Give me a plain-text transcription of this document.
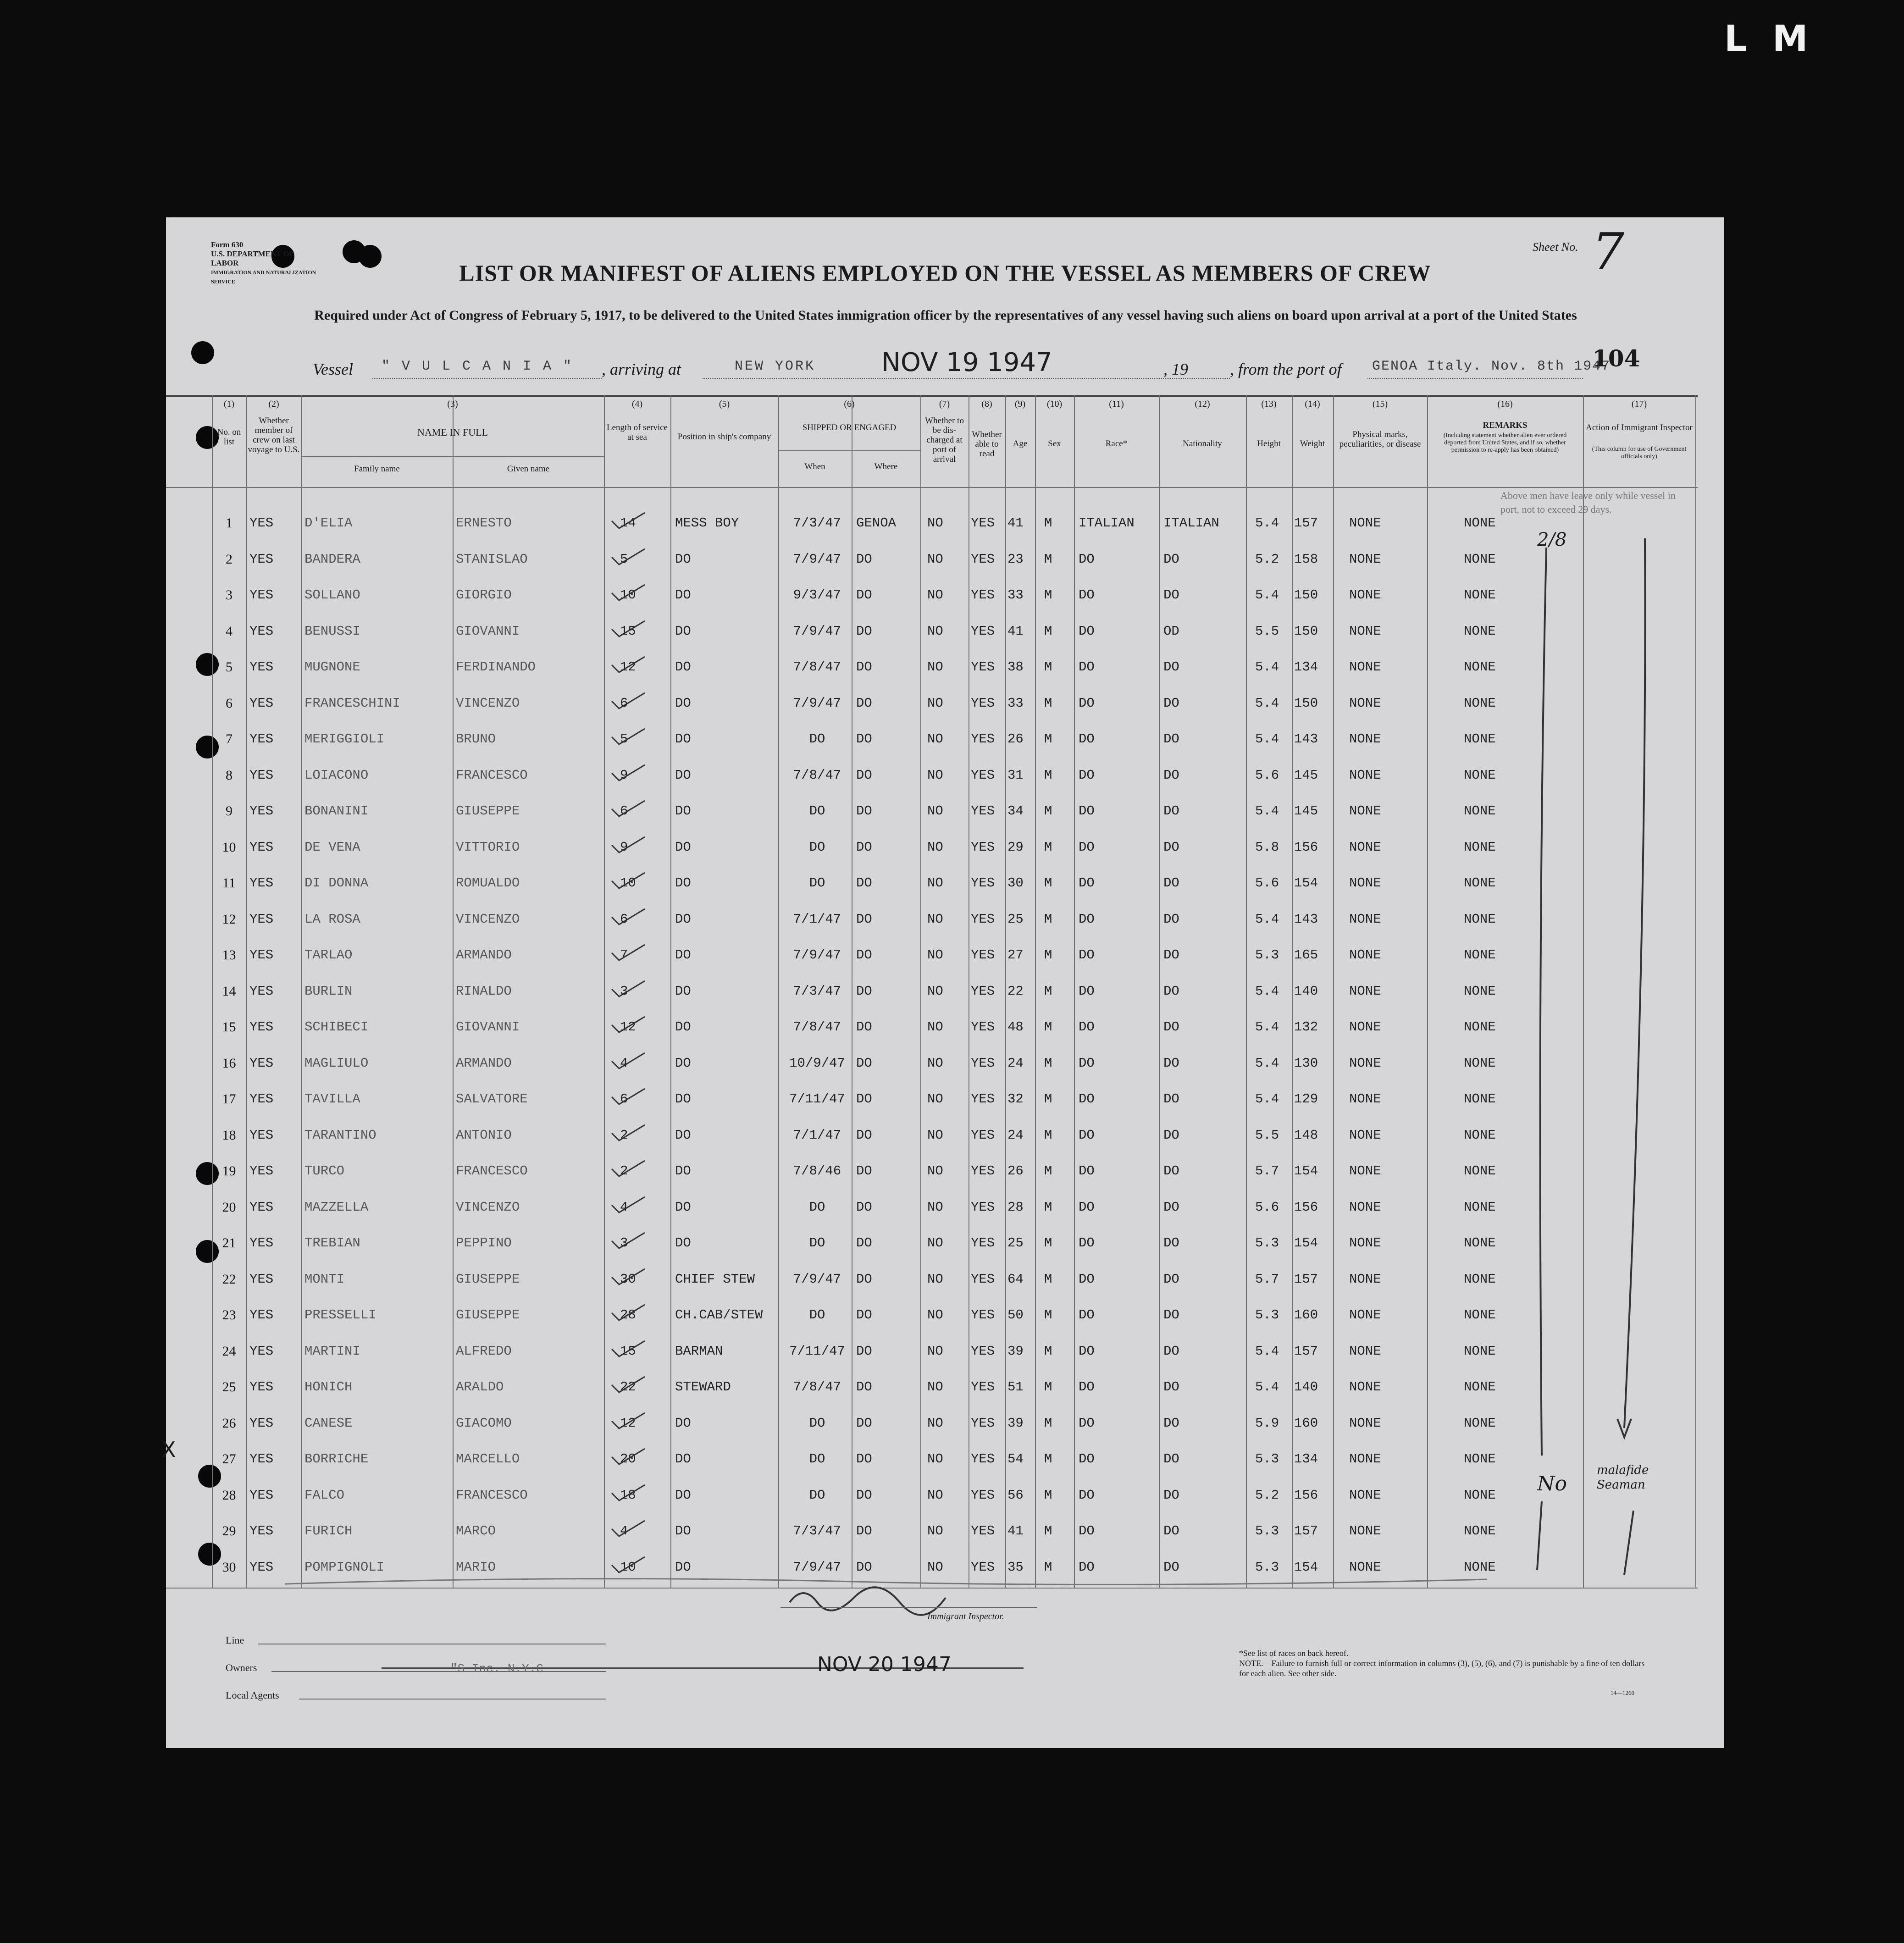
L M
Form 630
U.S. DEPARTMENT OF LABOR
IMMIGRATION AND NATURALIZATION SERVICE	LIST OR MANIFEST OF ALIENS EMPLOYED ON THE VESSEL AS MEMBERS OF CREW
Required under Act of Congress of February 5, 1917, to be delivered to the United States immigration officer by the representatives of any vessel having such aliens on board upon arrival at a port of the United States
Sheet No. 7
Vessel " V U L C A N I A " , arriving at	NEW YORK	NOV 19 1947	, 19	, from the port of GENOA Italy. Nov. 8th 1947
104
(1)	(2)	(3)	(4)	(5)	(6)	(7)	(8)	(9)	(10)	(11)	(12)	(13)	(14)	(15)	(16)	(17)
No. on list
Whether member of crew on last voyage to U.S.
NAME IN FULL
Family name	Given name
Length of service at sea	Position in ship's company
SHIPPED OR ENGAGED
When	Where
Whether to be dis-charged at port of arrival
Whether able to read
Age	Sex	Race*	Nationality	Height	Weight
Physical marks, peculiarities, or disease
REMARKS
(Including statement whether alien ever ordered deported from United States, and if so, whether permission to re-apply has been obtained)
Action of Immigrant Inspector
(This column for use of Government officials only)
1	YES	D'ELIA	ERNESTO	14	MESS BOY	7/3/47	GENOA	NO	YES 41	M	ITALIAN	ITALIAN	5.4	157	NONE	NONE
2	YES	BANDERA	STANISLAO	5	DO	7/9/47	DO	NO	YES 23	M	DO	DO	5.2	158	NONE	NONE
3	YES	SOLLANO	GIORGIO	10	DO	9/3/47	DO	NO	YES 33	M	DO	DO	5.4	150	NONE	NONE
4	YES	BENUSSI	GIOVANNI	15	DO	7/9/47	DO	NO	YES 41	M	DO	OD	5.5	150	NONE	NONE
5	YES	MUGNONE	FERDINANDO	12	DO	7/8/47	DO	NO	YES 38	M	DO	DO	5.4	134	NONE	NONE
6	YES	FRANCESCHINI	VINCENZO	6	DO	7/9/47	DO	NO	YES 33	M	DO	DO	5.4	150	NONE	NONE
7	YES	MERIGGIOLI	BRUNO	5	DO	DO	DO	NO	YES 26	M	DO	DO	5.4	143	NONE	NONE
8	YES	LOIACONO	FRANCESCO	9	DO	7/8/47	DO	NO	YES 31	M	DO	DO	5.6	145	NONE	NONE
9	YES	BONANINI	GIUSEPPE	6	DO	DO	DO	NO	YES 34	M	DO	DO	5.4	145	NONE	NONE
10	YES	DE VENA	VITTORIO	9	DO	DO	DO	NO	YES 29	M	DO	DO	5.8	156	NONE	NONE
11	YES	DI DONNA	ROMUALDO	10	DO	DO	DO	NO	YES 30	M	DO	DO	5.6	154	NONE	NONE
12	YES	LA ROSA	VINCENZO	6	DO	7/1/47	DO	NO	YES 25	M	DO	DO	5.4	143	NONE	NONE
13	YES	TARLAO	ARMANDO	7	DO	7/9/47	DO	NO	YES 27	M	DO	DO	5.3	165	NONE	NONE
14	YES	BURLIN	RINALDO	3	DO	7/3/47	DO	NO	YES 22	M	DO	DO	5.4	140	NONE	NONE
15	YES	SCHIBECI	GIOVANNI	12	DO	7/8/47	DO	NO	YES 48	M	DO	DO	5.4	132	NONE	NONE
16	YES	MAGLIULO	ARMANDO	4	DO	10/9/47 DO	NO	YES 24	M	DO	DO	5.4	130	NONE	NONE
17	YES	TAVILLA	SALVATORE	6	DO	7/11/47 DO	NO	YES 32	M	DO	DO	5.4	129	NONE	NONE
18	YES	TARANTINO	ANTONIO	2	DO	7/1/47	DO	NO	YES 24	M	DO	DO	5.5	148	NONE	NONE
19	YES	TURCO	FRANCESCO	2	DO	7/8/46	DO	NO	YES 26	M	DO	DO	5.7	154	NONE	NONE
20	YES	MAZZELLA	VINCENZO	4	DO	DO	DO	NO	YES 28	M	DO	DO	5.6	156	NONE	NONE
21	YES	TREBIAN	PEPPINO	3	DO	DO	DO	NO	YES 25	M	DO	DO	5.3	154	NONE	NONE
22	YES	MONTI	GIUSEPPE	30	CHIEF STEW	7/9/47	DO	NO	YES 64	M	DO	DO	5.7	157	NONE	NONE
23	YES	PRESSELLI	GIUSEPPE	28	CH.CAB/STEW	DO	DO	NO	YES 50	M	DO	DO	5.3	160	NONE	NONE
24	YES	MARTINI	ALFREDO	15	BARMAN	7/11/47 DO	NO	YES 39	M	DO	DO	5.4	157	NONE	NONE
25	YES	HONICH	ARALDO	22	STEWARD	7/8/47	DO	NO	YES 51	M	DO	DO	5.4	140	NONE	NONE
26	YES	CANESE	GIACOMO	12	DO	DO	DO	NO	YES 39	M	DO	DO	5.9	160	NONE	NONE
27	YES	BORRICHE	MARCELLO	20	DO	DO	DO	NO	YES 54	M	DO	DO	5.3	134	NONE	NONE
28	YES	FALCO	FRANCESCO	18	DO	DO	DO	NO	YES 56	M	DO	DO	5.2	156	NONE	NONE
29	YES	FURICH	MARCO	4	DO	7/3/47	DO	NO	YES 41	M	DO	DO	5.3	157	NONE	NONE
30	YES	POMPIGNOLI	MARIO	10	DO	7/9/47	DO	NO	YES 35	M	DO	DO	5.3	154	NONE	NONE
Above men have leave only while vessel in port, not to exceed 29 days.
2/8
No
malafide Seaman
X
Line
Owners
Local Agents
"S Inc. N.Y.C
Immigrant Inspector.
NOV 20 1947	*See list of races on back hereof.
NOTE.—Failure to furnish full or correct information in columns (3), (5), (6), and (7) is punishable by a fine of ten dollars for each alien. See other side.
14—1260
